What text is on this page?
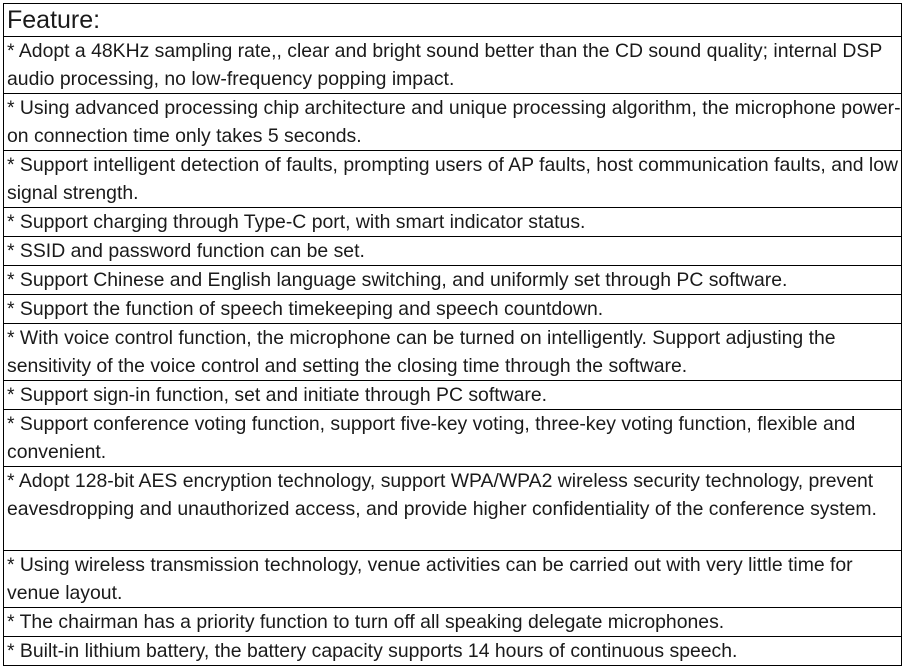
Feature:
* Adopt a 48KHz sampling rate,, clear and bright sound better than the CD sound quality; internal DSP audio processing, no low-frequency popping impact.
* Using advanced processing chip architecture and unique processing algorithm, the microphone power-on connection time only takes 5 seconds.
* Support intelligent detection of faults, prompting users of AP faults, host communication faults, and low signal strength.
* Support charging through Type-C port, with smart indicator status.
* SSID and password function can be set.
* Support Chinese and English language switching, and uniformly set through PC software.
* Support the function of speech timekeeping and speech countdown.
* With voice control function, the microphone can be turned on intelligently. Support adjusting the sensitivity of the voice control and setting the closing time through the software.
* Support sign-in function, set and initiate through PC software.
* Support conference voting function, support five-key voting, three-key voting function, flexible and convenient.
* Adopt 128-bit AES encryption technology, support WPA/WPA2 wireless security technology, prevent eavesdropping and unauthorized access, and provide higher confidentiality of the conference system.
* Using wireless transmission technology, venue activities can be carried out with very little time for venue layout.
* The chairman has a priority function to turn off all speaking delegate microphones.
* Built-in lithium battery, the battery capacity supports 14 hours of continuous speech.
